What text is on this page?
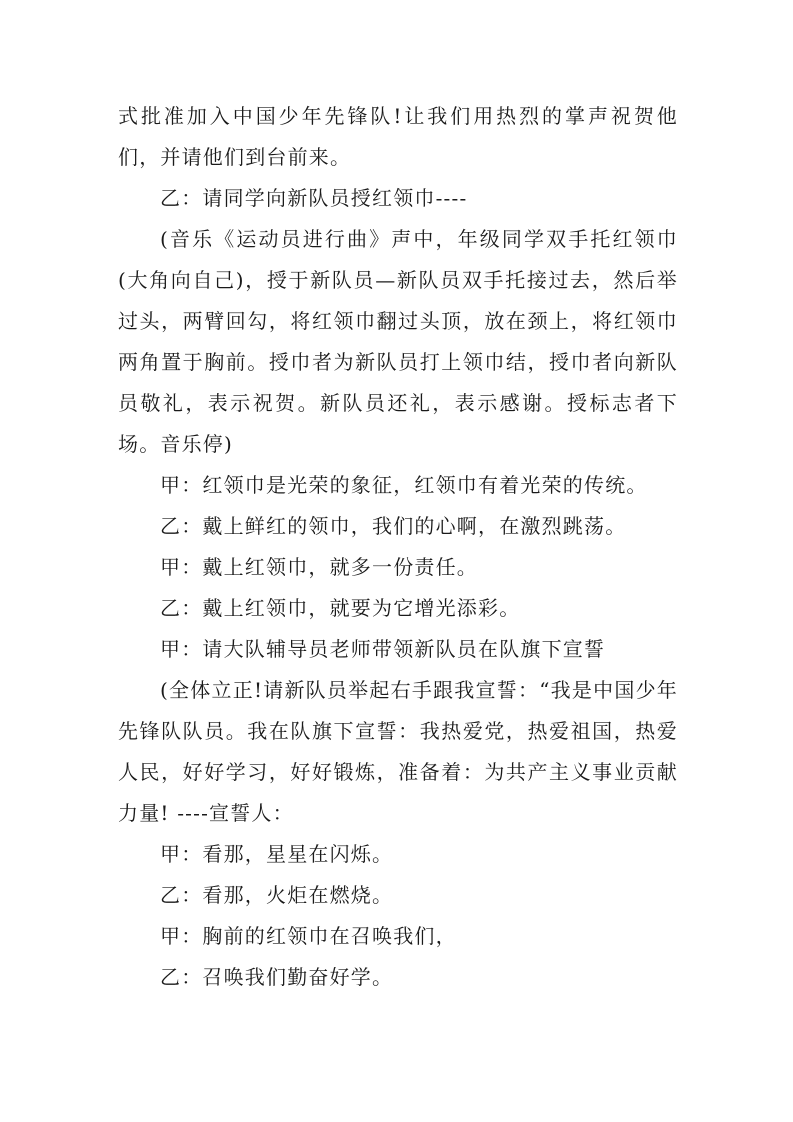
式批准加入中国少年先锋队!让我们用热烈的掌声祝贺他们，并请他们到台前来。

乙：请同学向新队员授红领巾----

(音乐《运动员进行曲》声中，年级同学双手托红领巾(大角向自己)，授于新队员—新队员双手托接过去，然后举过头，两臂回勾，将红领巾翻过头顶，放在颈上，将红领巾两角置于胸前。授巾者为新队员打上领巾结，授巾者向新队员敬礼，表示祝贺。新队员还礼，表示感谢。授标志者下场。音乐停)

甲：红领巾是光荣的象征，红领巾有着光荣的传统。

乙：戴上鲜红的领巾，我们的心啊，在激烈跳荡。

甲：戴上红领巾，就多一份责任。

乙：戴上红领巾，就要为它增光添彩。

甲：请大队辅导员老师带领新队员在队旗下宣誓

(全体立正!请新队员举起右手跟我宣誓：“我是中国少年先锋队队员。我在队旗下宣誓：我热爱党，热爱祖国，热爱人民，好好学习，好好锻炼，准备着：为共产主义事业贡献力量! ----宣誓人：

甲：看那，星星在闪烁。

乙：看那，火炬在燃烧。

甲：胸前的红领巾在召唤我们，

乙：召唤我们勤奋好学。
